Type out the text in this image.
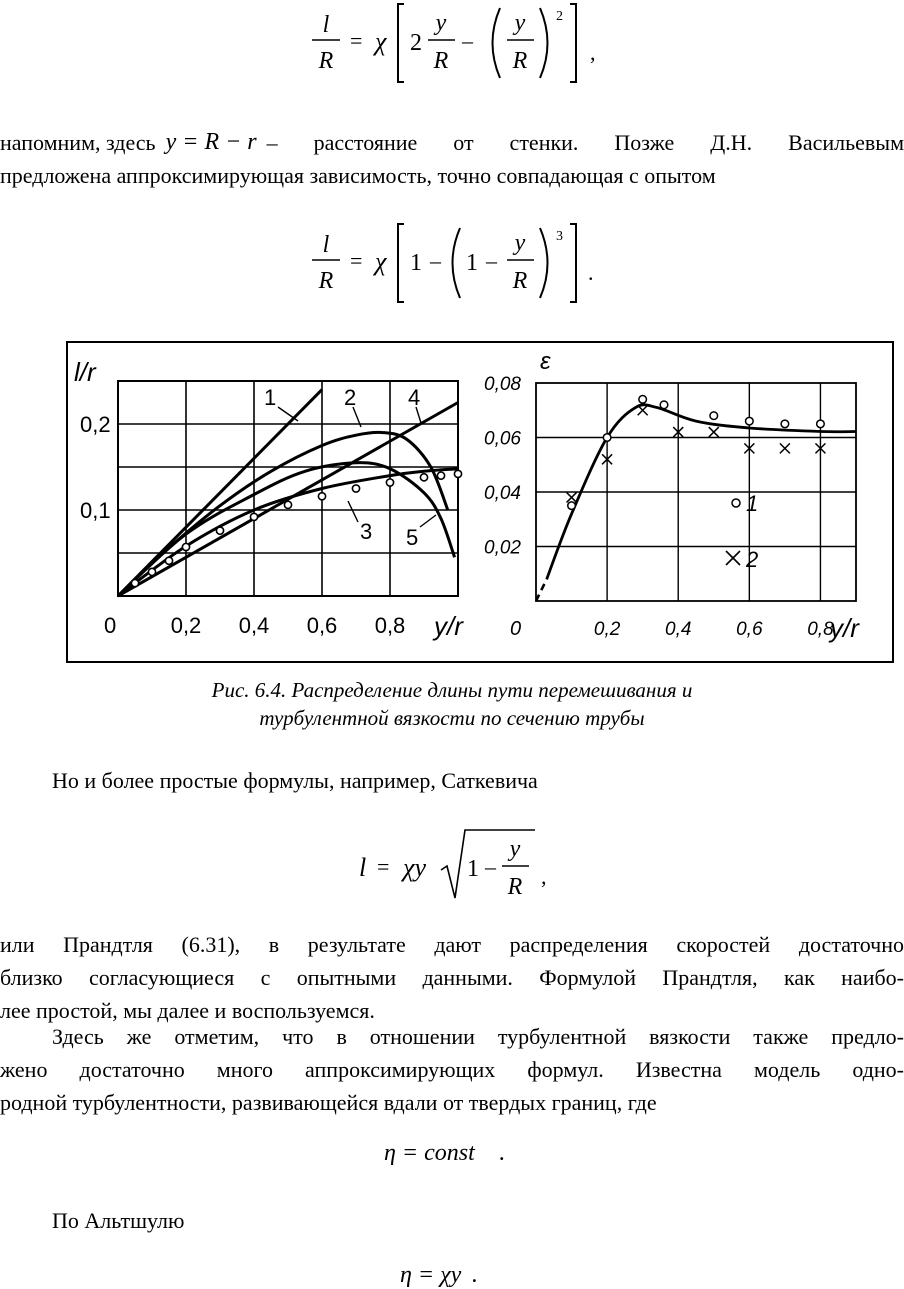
l
R
= χ 2
y
R
–
y
R
2
,
напомним, здесь y = R − r – расстояние от стенки. Позже Д.Н. Васильевым
предложена аппроксимирующая зависимость, точно совпадающая с опытом
l
R
= χ 1 – 1 –
y
R
3
.
1	2 4
3 5
0,2
0,1
l/r
0 0,2 0,4 0,6 0,8 y/r
1
2
0,08
0,06
0,04
0,02
ε
0	0,2 0,4 0,6 0,8
y/r
Рис. 6.4. Распределение длины пути перемешивания и
турбулентной вязкости по сечению трубы
Но и более простые формулы, например, Саткевича
l = χy 1 –
y
R ,
или Прандтля (6.31), в результате дают распределения скоростей достаточно
близко согласующиеся с опытными данными. Формулой Прандтля, как наибо-
лее простой, мы далее и воспользуемся.
Здесь же отметим, что в отношении турбулентной вязкости также предло-
жено достаточно много аппроксимирующих формул. Известна модель одно-
родной турбулентности, развивающейся вдали от твердых границ, где
η = const .
По Альтшулю
η = χy .
